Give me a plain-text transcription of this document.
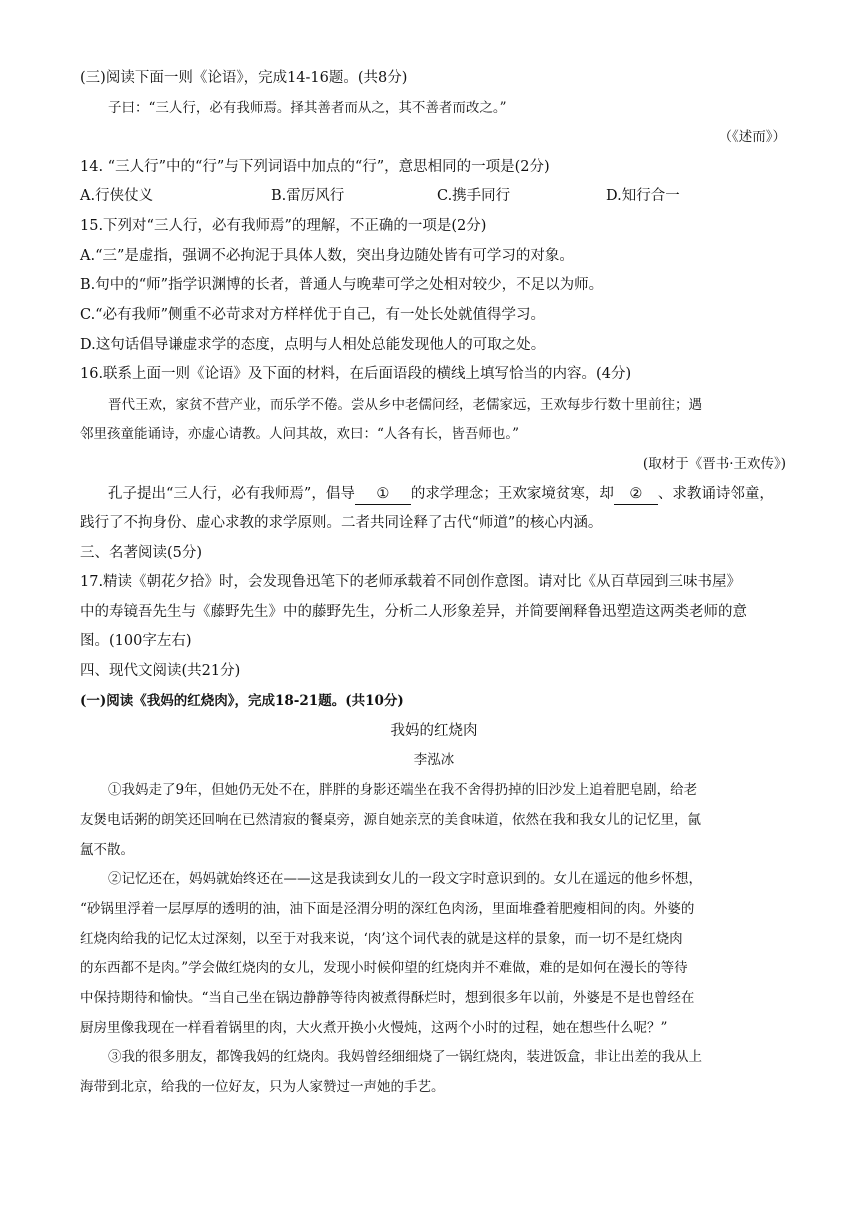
(三)阅读下面一则《论语》，完成14-16题。(共8分)
子曰：“三人行，必有我师焉。择其善者而从之，其不善者而改之。”
（《述而》）
14. “三人行”中的“行”与下列词语中加点的“行”，意思相同的一项是(2分)
A.行侠仗义	B.雷厉风行	C.携手同行	D.知行合一
15.下列对“三人行，必有我师焉”的理解，不正确的一项是(2分)
A.“三”是虚指，强调不必拘泥于具体人数，突出身边随处皆有可学习的对象。
B.句中的“师”指学识渊博的长者，普通人与晚辈可学之处相对较少，不足以为师。
C.“必有我师”侧重不必苛求对方样样优于自己，有一处长处就值得学习。
D.这句话倡导谦虚求学的态度，点明与人相处总能发现他人的可取之处。
16.联系上面一则《论语》及下面的材料，在后面语段的横线上填写恰当的内容。(4分)
晋代王欢，家贫不营产业，而乐学不倦。尝从乡中老儒问经，老儒家远，王欢每步行数十里前往；遇
邻里孩童能诵诗，亦虚心请教。人问其故，欢曰：“人各有长，皆吾师也。”
(取材于《晋书·王欢传》)
孔子提出“三人行，必有我师焉”，倡导 ① 的求学理念；王欢家境贫寒，却 ② 、求教诵诗邻童，
践行了不拘身份、虚心求教的求学原则。二者共同诠释了古代“师道”的核心内涵。
三、名著阅读(5分)
17.精读《朝花夕拾》时，会发现鲁迅笔下的老师承载着不同创作意图。请对比《从百草园到三味书屋》
中的寿镜吾先生与《藤野先生》中的藤野先生，分析二人形象差异，并简要阐释鲁迅塑造这两类老师的意
图。(100字左右)
四、现代文阅读(共21分)
(一)阅读《我妈的红烧肉》，完成18-21题。(共10分)
我妈的红烧肉
李泓冰
①我妈走了9年，但她仍无处不在，胖胖的身影还端坐在我不舍得扔掉的旧沙发上追着肥皂剧，给老
友煲电话粥的朗笑还回响在已然清寂的餐桌旁，源自她亲烹的美食味道，依然在我和我女儿的记忆里，氤
氲不散。
②记忆还在，妈妈就始终还在——这是我读到女儿的一段文字时意识到的。女儿在遥远的他乡怀想，
“砂锅里浮着一层厚厚的透明的油，油下面是泾渭分明的深红色肉汤，里面堆叠着肥瘦相间的肉。外婆的
红烧肉给我的记忆太过深刻，以至于对我来说，‘肉’这个词代表的就是这样的景象，而一切不是红烧肉
的东西都不是肉。”学会做红烧肉的女儿，发现小时候仰望的红烧肉并不难做，难的是如何在漫长的等待
中保持期待和愉快。“当自己坐在锅边静静等待肉被煮得酥烂时，想到很多年以前，外婆是不是也曾经在
厨房里像我现在一样看着锅里的肉，大火煮开换小火慢炖，这两个小时的过程，她在想些什么呢？”
③我的很多朋友，都馋我妈的红烧肉。我妈曾经细细烧了一锅红烧肉，装进饭盒，非让出差的我从上
海带到北京，给我的一位好友，只为人家赞过一声她的手艺。
